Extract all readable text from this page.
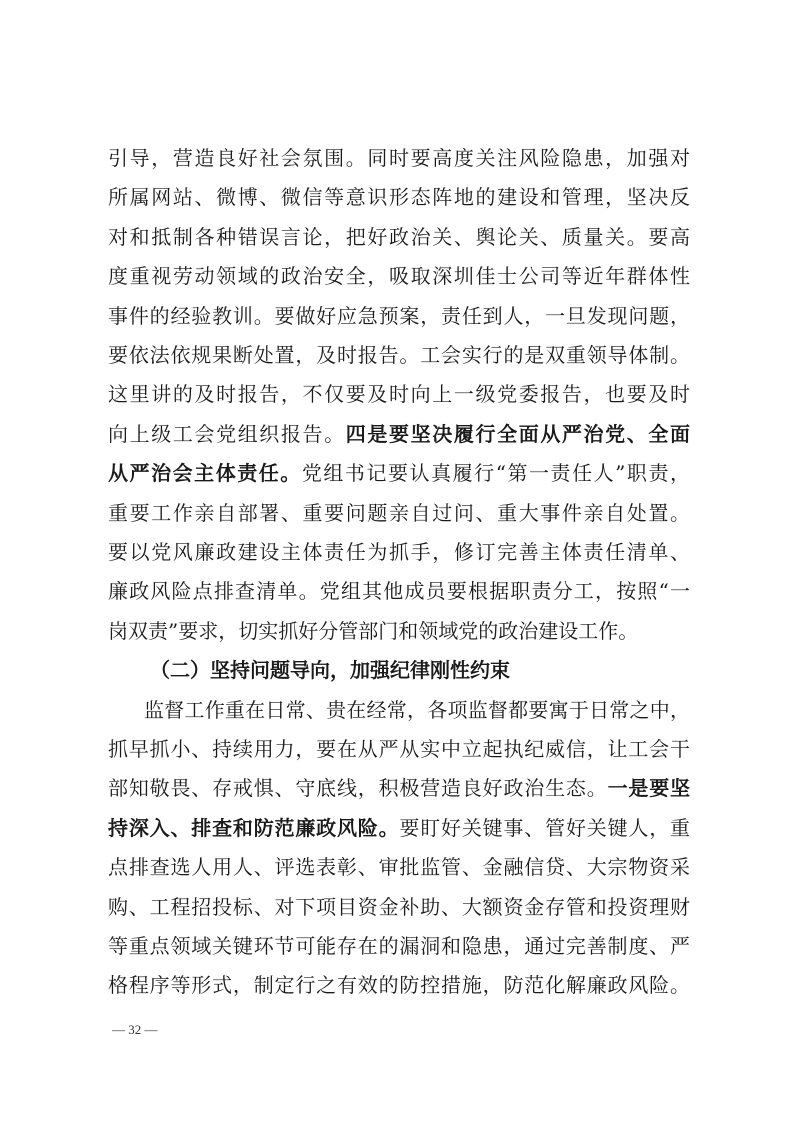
引导，营造良好社会氛围。同时要高度关注风险隐患，加强对
所属网站、微博、微信等意识形态阵地的建设和管理，坚决反
对和抵制各种错误言论，把好政治关、舆论关、质量关。要高
度重视劳动领域的政治安全，吸取深圳佳士公司等近年群体性
事件的经验教训。要做好应急预案，责任到人，一旦发现问题，
要依法依规果断处置，及时报告。工会实行的是双重领导体制。
这里讲的及时报告，不仅要及时向上一级党委报告，也要及时
向上级工会党组织报告。四是要坚决履行全面从严治党、全面
从严治会主体责任。党组书记要认真履行“第一责任人”职责，
重要工作亲自部署、重要问题亲自过问、重大事件亲自处置。
要以党风廉政建设主体责任为抓手，修订完善主体责任清单、
廉政风险点排查清单。党组其他成员要根据职责分工，按照“一
岗双责”要求，切实抓好分管部门和领域党的政治建设工作。
（二）坚持问题导向，加强纪律刚性约束
监督工作重在日常、贵在经常，各项监督都要寓于日常之中，
抓早抓小、持续用力，要在从严从实中立起执纪威信，让工会干
部知敬畏、存戒惧、守底线，积极营造良好政治生态。一是要坚
持深入、排查和防范廉政风险。要盯好关键事、管好关键人，重
点排查选人用人、评选表彰、审批监管、金融信贷、大宗物资采
购、工程招投标、对下项目资金补助、大额资金存管和投资理财
等重点领域关键环节可能存在的漏洞和隐患，通过完善制度、严
格程序等形式，制定行之有效的防控措施，防范化解廉政风险。
— 32 —
